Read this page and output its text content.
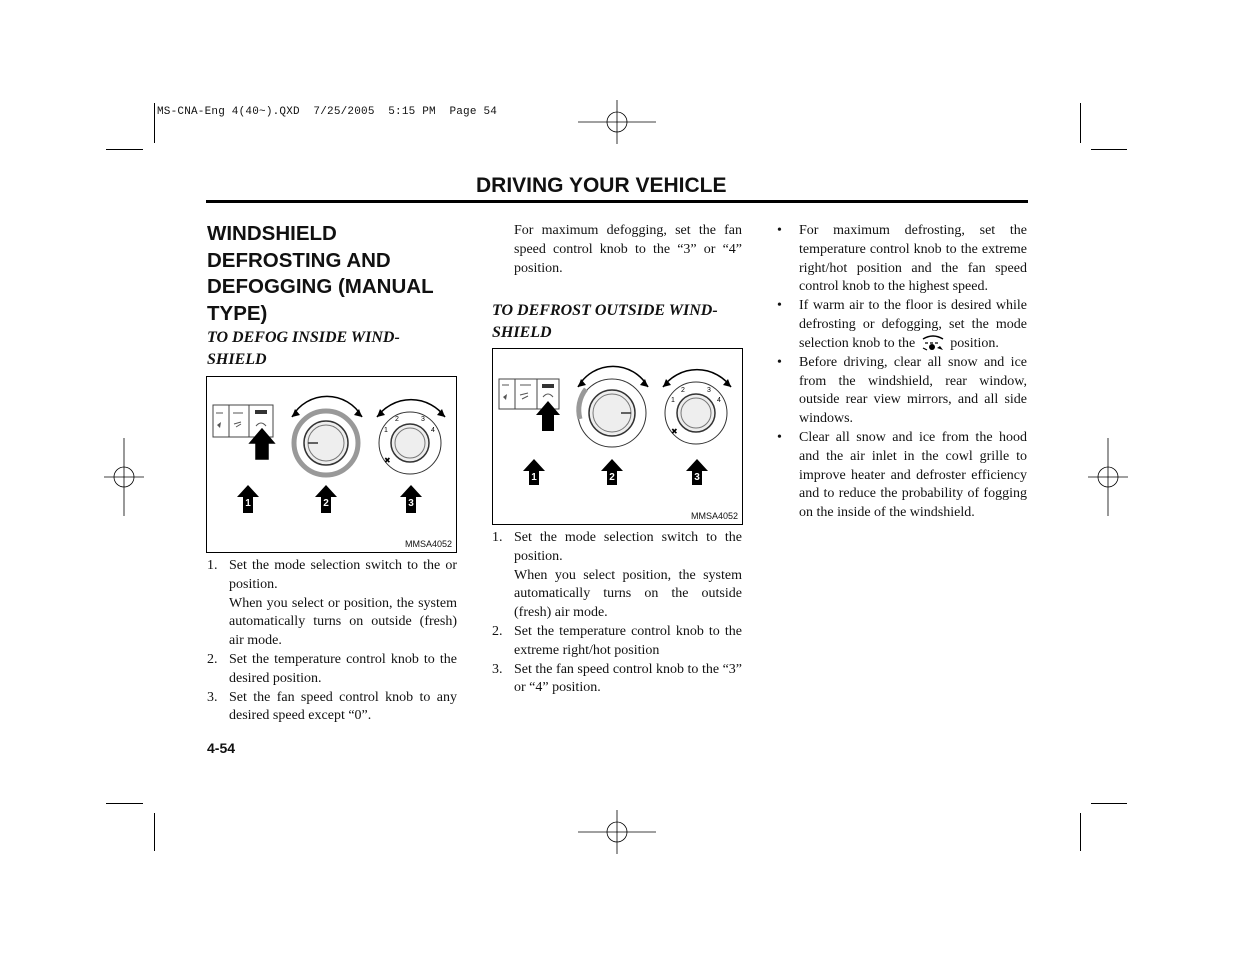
MS-CNA-Eng 4(40~).QXD  7/25/2005  5:15 PM  Page 54
DRIVING YOUR VEHICLE
WINDSHIELD DEFROSTING AND DEFOGGING (MANUAL TYPE)
TO DEFOG INSIDE WIND-SHIELD
1
2	3
4
✖
1	2	3
MMSA4052
1. Set the mode selection switch to the or position.
When you select or position, the system automatically turns on outside (fresh) air mode.
2. Set the temperature control knob to the desired position.
3. Set the fan speed control knob to any desired speed except “0”.
4-54
For maximum defogging, set the fan speed control knob to the “3” or “4” position.
TO DEFROST OUTSIDE WIND-SHIELD
1
2	3
4
✖
1	2	3
MMSA4052
1. Set the mode selection switch to the position.
When you select position, the system automatically turns on the outside (fresh) air mode.
2. Set the temperature control knob to the extreme right/hot position
3. Set the fan speed control knob to the “3” or “4” position.
• For maximum defrosting, set the temperature control knob to the extreme right/hot position and the fan speed control knob to the highest speed.
• If warm air to the floor is desired while defrosting or defogging, set the mode selection knob to the	position.
• Before driving, clear all snow and ice from the windshield, rear window, outside rear view mirrors, and all side windows.
• Clear all snow and ice from the hood and the air inlet in the cowl grille to improve heater and defroster efficiency and to reduce the probability of fogging on the inside of the windshield.
